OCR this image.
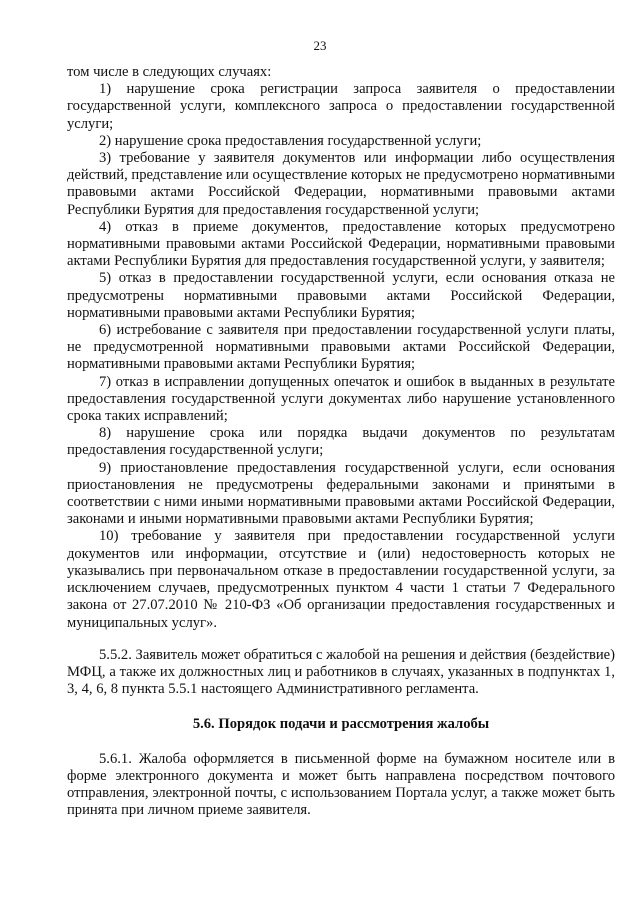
23

том числе в следующих случаях:

1) нарушение срока регистрации запроса заявителя о предоставлении государственной услуги, комплексного запроса о предоставлении государственной услуги;

2) нарушение срока предоставления государственной услуги;

3) требование у заявителя документов или информации либо осуществления действий, представление или осуществление которых не предусмотрено нормативными правовыми актами Российской Федерации, нормативными правовыми актами Республики Бурятия для предоставления государственной услуги;

4) отказ в приеме документов, предоставление которых предусмотрено нормативными правовыми актами Российской Федерации, нормативными правовыми актами Республики Бурятия для предоставления государственной услуги, у заявителя;

5) отказ в предоставлении государственной услуги, если основания отказа не предусмотрены нормативными правовыми актами Российской Федерации, нормативными правовыми актами Республики Бурятия;

6) истребование с заявителя при предоставлении государственной услуги платы, не предусмотренной нормативными правовыми актами Российской Федерации, нормативными правовыми актами Республики Бурятия;

7) отказ в исправлении допущенных опечаток и ошибок в выданных в результате предоставления государственной услуги документах либо нарушение установленного срока таких исправлений;

8) нарушение срока или порядка выдачи документов по результатам предоставления государственной услуги;

9) приостановление предоставления государственной услуги, если основания приостановления не предусмотрены федеральными законами и принятыми в соответствии с ними иными нормативными правовыми актами Российской Федерации, законами и иными нормативными правовыми актами Республики Бурятия;

10) требование у заявителя при предоставлении государственной услуги документов или информации, отсутствие и (или) недостоверность которых не указывались при первоначальном отказе в предоставлении государственной услуги, за исключением случаев, предусмотренных пунктом 4 части 1 статьи 7 Федерального закона от 27.07.2010 № 210-ФЗ «Об организации предоставления государственных и муниципальных услуг».

5.5.2. Заявитель может обратиться с жалобой на решения и действия (бездействие) МФЦ, а также их должностных лиц и работников в случаях, указанных в подпунктах 1, 3, 4, 6, 8 пункта 5.5.1 настоящего Административного регламента.

5.6. Порядок подачи и рассмотрения жалобы

5.6.1. Жалоба оформляется в письменной форме на бумажном носителе или в форме электронного документа и может быть направлена посредством почтового отправления, электронной почты, с использованием Портала услуг, а также может быть принята при личном приеме заявителя.
